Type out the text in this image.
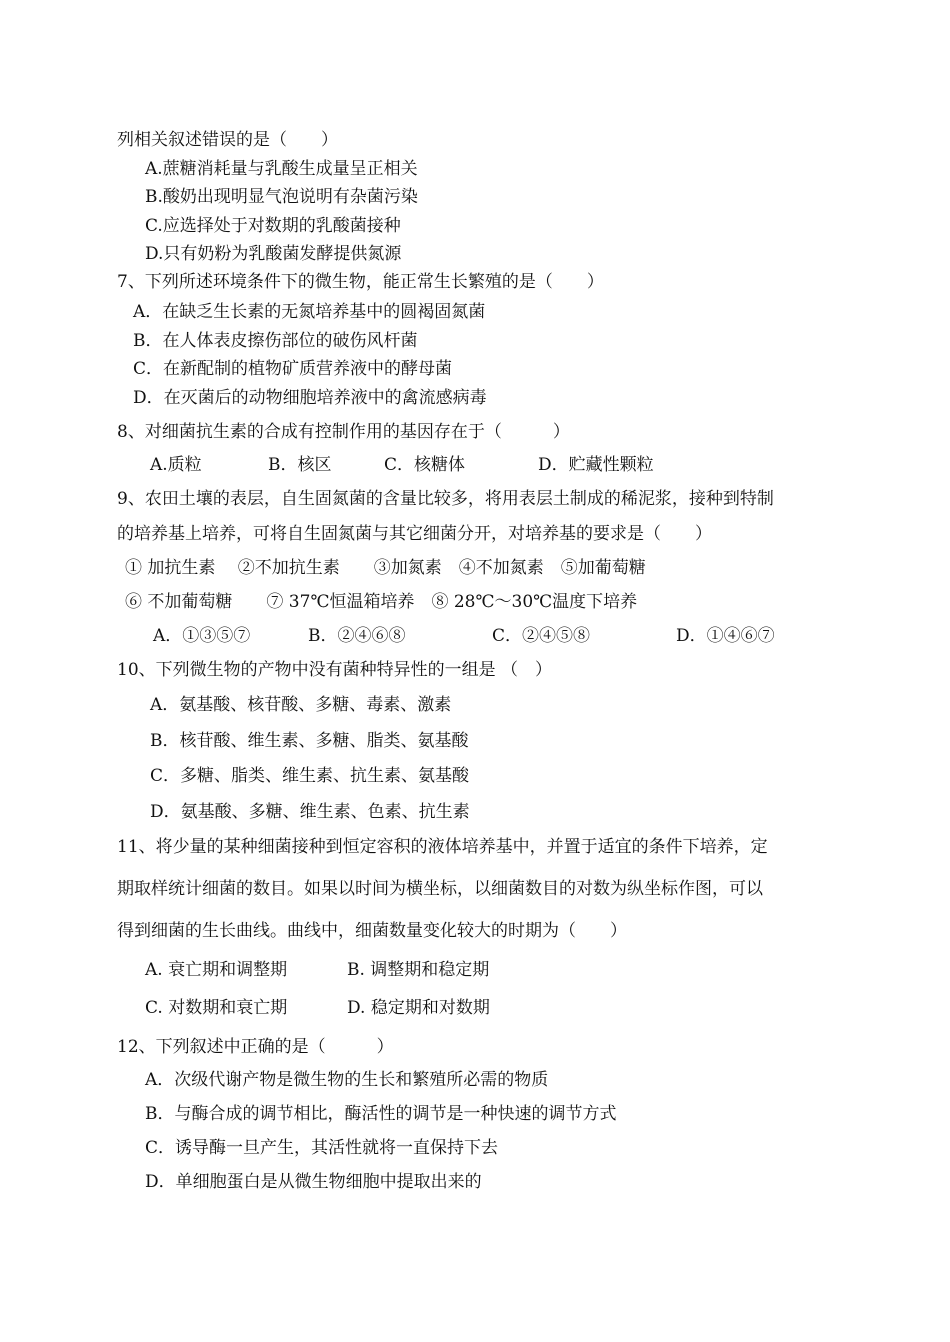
列相关叙述错误的是（　　）
A.蔗糖消耗量与乳酸生成量呈正相关
B.酸奶出现明显气泡说明有杂菌污染
C.应选择处于对数期的乳酸菌接种
D.只有奶粉为乳酸菌发酵提供氮源
7、下列所述环境条件下的微生物，能正常生长繁殖的是（　　）
A．在缺乏生长素的无氮培养基中的圆褐固氮菌
B．在人体表皮擦伤部位的破伤风杆菌
C．在新配制的植物矿质营养液中的酵母菌
D．在灭菌后的动物细胞培养液中的禽流感病毒
8、对细菌抗生素的合成有控制作用的基因存在于（　　　）
A.质粒	B．核区	C．核糖体	D．贮藏性颗粒
9、农田土壤的表层，自生固氮菌的含量比较多，将用表层土制成的稀泥浆，接种到特制
的培养基上培养，可将自生固氮菌与其它细菌分开，对培养基的要求是（　　）
① 加抗生素　 ②不加抗生素　　③加氮素　④不加氮素　⑤加葡萄糖
⑥ 不加葡萄糖　　⑦ 37℃恒温箱培养　⑧ 28℃～30℃温度下培养
A．①③⑤⑦	B．②④⑥⑧	C．②④⑤⑧	D．①④⑥⑦
10、下列微生物的产物中没有菌种特异性的一组是 （　）
A．氨基酸、核苷酸、多糖、毒素、激素
B．核苷酸、维生素、多糖、脂类、氨基酸
C．多糖、脂类、维生素、抗生素、氨基酸
D．氨基酸、多糖、维生素、色素、抗生素
11、将少量的某种细菌接种到恒定容积的液体培养基中，并置于适宜的条件下培养，定
期取样统计细菌的数目。如果以时间为横坐标，以细菌数目的对数为纵坐标作图，可以
得到细菌的生长曲线。曲线中，细菌数量变化较大的时期为（　　）
A. 衰亡期和调整期	B. 调整期和稳定期
C. 对数期和衰亡期	D. 稳定期和对数期
12、下列叙述中正确的是（　　　）
A．次级代谢产物是微生物的生长和繁殖所必需的物质
B．与酶合成的调节相比，酶活性的调节是一种快速的调节方式
C．诱导酶一旦产生，其活性就将一直保持下去
D．单细胞蛋白是从微生物细胞中提取出来的
